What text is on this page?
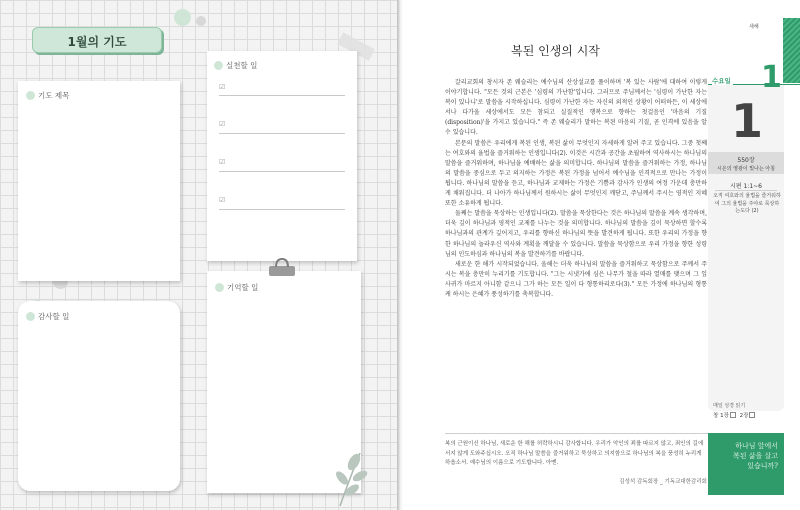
1월의 기도
기도 제목
실천할 일
☑
☑
☑
☑
감사할 일
기억할 일
복된 인생의 시작

갈리교회의 창시자 존 웨슬리는 예수님의 산상설교를 풀이하며 '복 있는 사람'에 대하여 이렇게 이야기합니다. "모든 것의 근본은 '심령의 가난함'입니다. 그러므로 주님께서는 '심령이 가난한 자는 복이 있나니'로 말씀을 시작하십니다. 심령이 가난한 자는 자신의 외적인 상황이 어떠하든, 이 세상에서나 다가올 세상에서도 모든 참되고 실질적인 행복으로 향하는 첫걸음인 '마음의 기질(disposition)'을 가지고 있습니다." 즉 존 웨슬리가 말하는 복된 마음의 기질, 곧 인격에 있음을 알 수 있습니다.

본문의 말씀은 우리에게 복된 인생, 복된 삶이 무엇인지 자세하게 알려 주고 있습니다. 그중 첫째는 여호와의 율법을 즐거워하는 인생입니다(2). 이것은 시간과 공간을 초월하여 역사하시는 하나님의 말씀을 즐거워하며, 하나님을 예배하는 삶을 의미합니다. 하나님의 말씀을 즐거워하는 가정, 하나님의 말씀을 중심으로 두고 의지하는 가정은 복된 가정을 넘어서 예수님을 인격적으로 만나는 가정이 됩니다. 하나님의 말씀을 듣고, 하나님과 교제하는 가정은 기쁨과 감사가 인생의 여정 가운데 충만하게 채워집니다. 더 나아가 하나님께서 원하시는 삶이 무엇인지 깨닫고, 주님께서 주시는 영적인 지혜 또한 소유하게 됩니다.

둘째는 말씀을 묵상하는 인생입니다(2). 말씀을 묵상한다는 것은 하나님의 말씀을 계속 생각하며, 더욱 깊이 하나님과 영적인 교제를 나누는 것을 의미합니다. 하나님의 말씀을 깊이 묵상하면 할수록 하나님과의 관계가 깊어지고, 우리를 향하신 하나님의 뜻을 발견하게 됩니다. 또한 우리의 가정을 향한 하나님의 놀라우신 역사와 계획을 깨달을 수 있습니다. 말씀을 묵상함으로 우리 가정을 향한 성령님의 인도하심과 하나님의 복을 발견하기를 바랍니다.

새로운 한 해가 시작되었습니다. 올해는 더욱 하나님의 말씀을 즐거워하고 묵상함으로 주께서 주시는 복을 충만히 누리기를 기도합니다. "그는 시냇가에 심은 나무가 철을 따라 열매를 맺으며 그 잎사귀가 마르지 아니함 같으니 그가 하는 모든 일이 다 형통하리로다(3)." 모든 가정에 하나님의 형통케 하시는 은혜가 풍성하기를 축복합니다.

복의 근원이신 하나님, 새로운 한 해를 허락하시니 감사합니다. 우리가 악인의 꾀를 따르지 않고, 죄인의 길에 서지 않게 도와주십시오. 오직 하나님 말씀을 즐거워하고 묵상하고 의지함으로 하나님의 복을 풍성히 누리게 하옵소서. 예수님의 이름으로 기도합니다. 아멘.
김성석 감독회장 _ 기독교대한감리회
새해
1
수요일
1
550장
시온의 영광이 빛나는 아침
시편 1:1~6
오직 여호와의 율법을 즐거워하여 그의 율법을 주야로 묵상하는도다 (2)
매일 성경 읽기
창 1장 2장
하나님 앞에서
복된 삶을 살고
있습니까?
